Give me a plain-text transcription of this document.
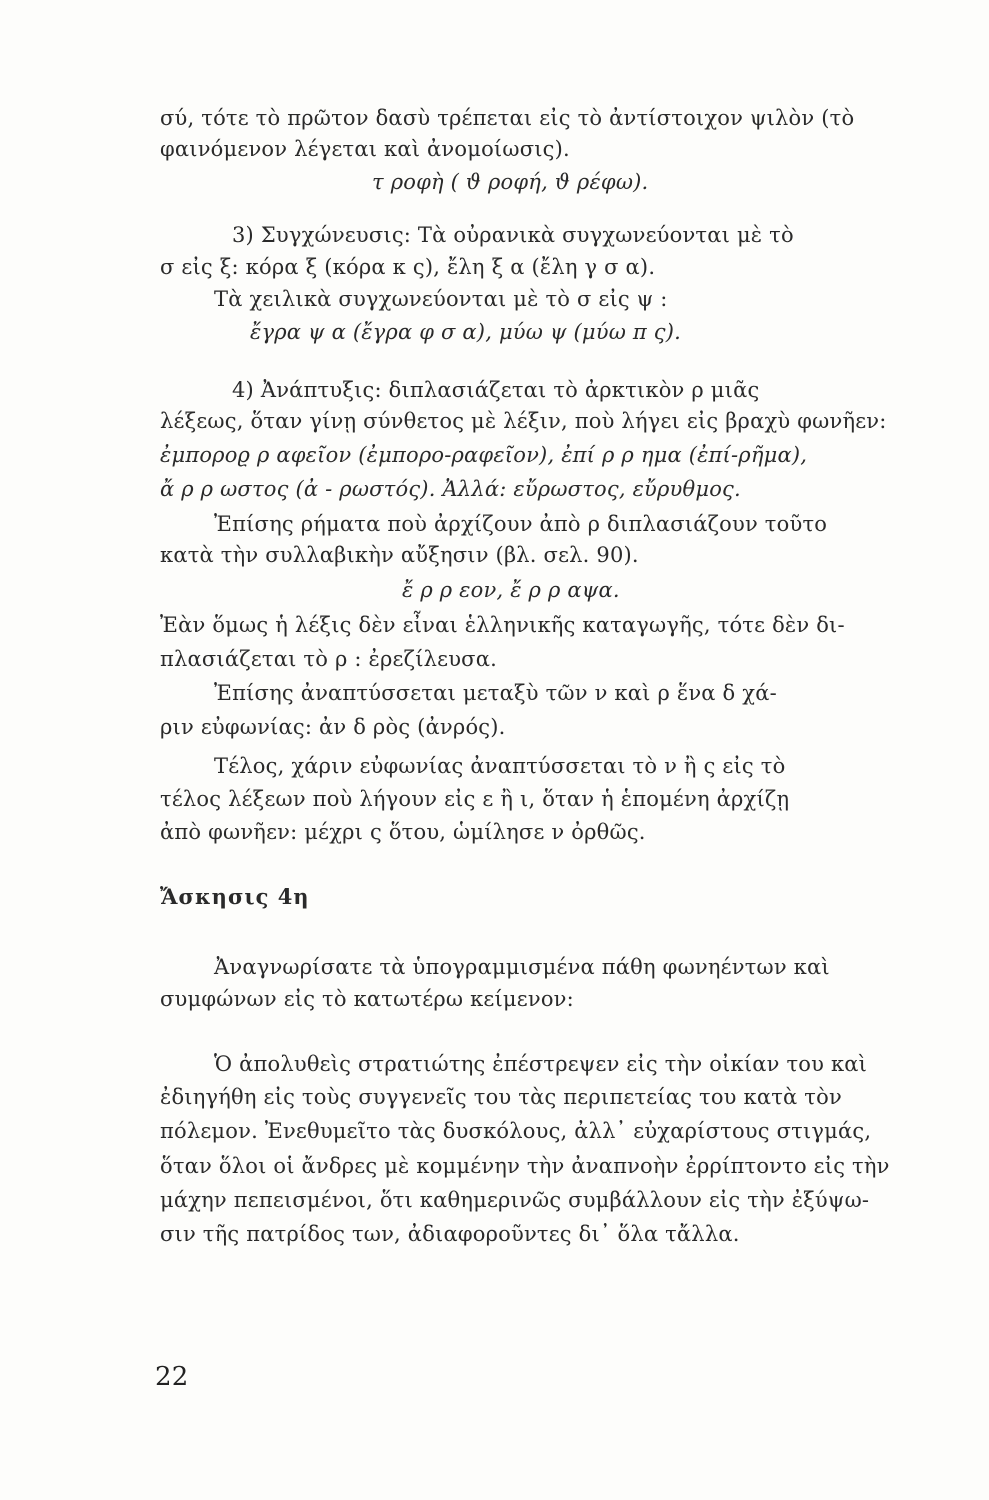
σύ, τότε τὸ πρῶτον δασὺ τρέπεται εἰς τὸ ἀντίστοιχον ψιλὸν (τὸ
φαινόμενον λέγεται καὶ ἀνομοίωσις).
τ ροφὴ ( ϑ ροφή, ϑ ρέφω).
3) Συγχώνευσις: Τὰ οὐρανικὰ συγχωνεύονται μὲ τὸ
σ εἰς ξ: κόρα ξ (κόρα κ ς), ἔλη ξ α (ἔλη γ σ α).
Τὰ χειλικὰ συγχωνεύονται μὲ τὸ σ εἰς ψ :
ἔγρα ψ α (ἔγρα φ σ α), μύω ψ (μύω π ς).
4) Ἀνάπτυξις: διπλασιάζεται τὸ ἀρκτικὸν ρ μιᾶς
λέξεως, ὅταν γίνῃ σύνθετος μὲ λέξιν, ποὺ λήγει εἰς βραχὺ φωνῆεν:
ἐμποροϱ ρ αφεῖον (ἐμπορο-ραφεῖον), ἐπί ρ ρ ημα (ἐπί-ρῆμα),
ἄ ρ ρ ωστος (ἀ - ρωστός). Ἀλλά: εὔρωστος, εὔρυθμος.
Ἐπίσης ρήματα ποὺ ἀρχίζουν ἀπὸ ρ διπλασιάζουν τοῦτο
κατὰ τὴν συλλαβικὴν αὔξησιν (βλ. σελ. 90).
ἔ ρ ρ εον, ἔ ρ ρ αψα.
Ἐὰν ὅμως ἡ λέξις δὲν εἶναι ἑλληνικῆς καταγωγῆς, τότε δὲν δι-
πλασιάζεται τὸ ρ : ἐρεζίλευσα.
Ἐπίσης ἀναπτύσσεται μεταξὺ τῶν ν καὶ ρ ἕνα δ χά-
ριν εὐφωνίας: ἀν δ ρὸς (ἀνρός).
Τέλος, χάριν εὐφωνίας ἀναπτύσσεται τὸ ν ἢ ς εἰς τὸ
τέλος λέξεων ποὺ λήγουν εἰς ε ἢ ι, ὅταν ἡ ἑπομένη ἀρχίζῃ
ἀπὸ φωνῆεν: μέχρι ς ὅτου, ὡμίλησε ν ὀρθῶς.
Ἄσκησις 4η
Ἀναγνωρίσατε τὰ ὑπογραμμισμένα πάθη φωνηέντων καὶ
συμφώνων εἰς τὸ κατωτέρω κείμενον:
Ὁ ἀπολυθεὶς στρατιώτης ἐπέστρεψεν εἰς τὴν οἰκίαν του καὶ
ἐδιηγήθη εἰς τοὺς συγγενεῖς του τὰς περιπετείας του κατὰ τὸν
πόλεμον. Ἐνεθυμεῖτο τὰς δυσκόλους, ἀλλ᾽ εὐχαρίστους στιγμάς,
ὅταν ὅλοι οἱ ἄνδρες μὲ κομμένην τὴν ἀναπνοὴν ἐρρίπτοντο εἰς τὴν
μάχην πεπεισμένοι, ὅτι καθημερινῶς συμβάλλουν εἰς τὴν ἐξύψω-
σιν τῆς πατρίδος των, ἀδιαφοροῦντες δι᾽ ὅλα τἄλλα.
22
